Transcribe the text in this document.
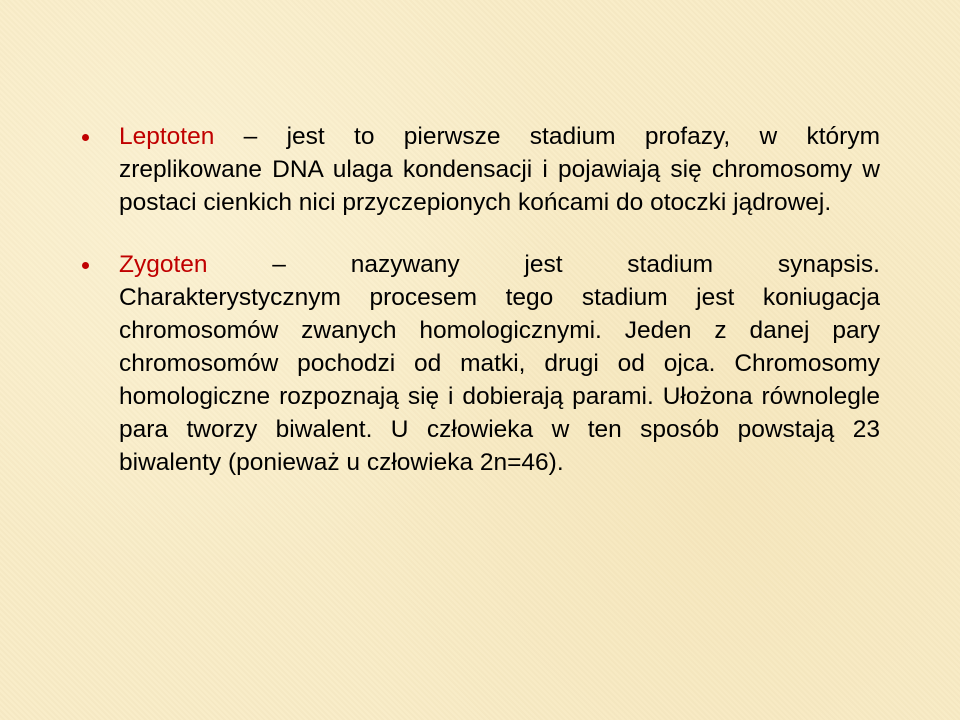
Leptoten – jest to pierwsze stadium profazy, w którym
zreplikowane DNA ulaga kondensacji i pojawiają się chromosomy w postaci cienkich nici przyczepionych końcami do otoczki jądrowej.
Zygoten – nazywany jest stadium synapsis.
Charakterystycznym procesem tego stadium jest koniugacja chromosomów zwanych homologicznymi. Jeden z danej pary chromosomów pochodzi od matki, drugi od ojca. Chromosomy homologiczne rozpoznają się i dobierają parami. Ułożona równolegle para tworzy biwalent. U człowieka w ten sposób powstają 23 biwalenty (ponieważ u człowieka 2n=46).
